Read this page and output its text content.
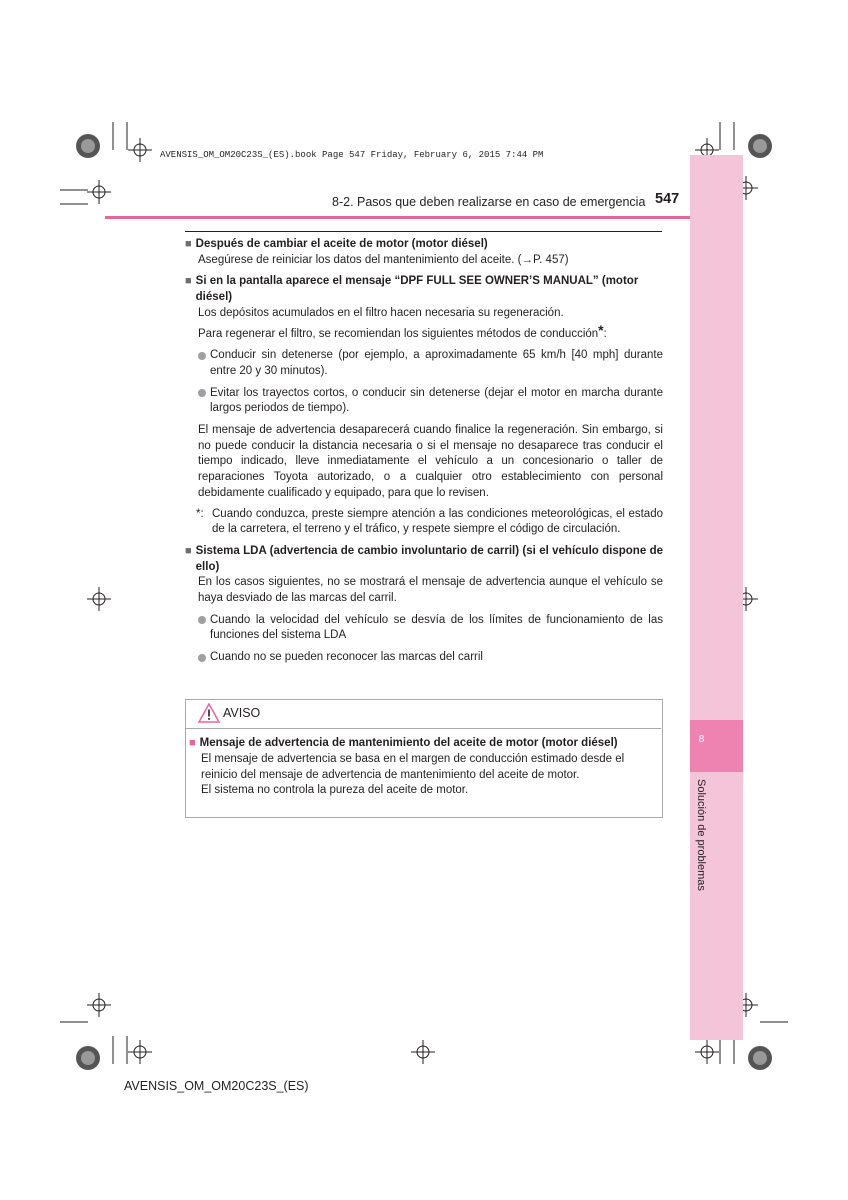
AVENSIS_OM_OM20C23S_(ES).book Page 547 Friday, February 6, 2015 7:44 PM
8
Solución de problemas
8-2. Pasos que deben realizarse en caso de emergencia 547

■ Después de cambiar el aceite de motor (motor diésel)

Asegúrese de reiniciar los datos del mantenimiento del aceite. (→P. 457)

■ Si en la pantalla aparece el mensaje “DPF FULL SEE OWNER’S MANUAL” (motor diésel)

Los depósitos acumulados en el filtro hacen necesaria su regeneración.

Para regenerar el filtro, se recomiendan los siguientes métodos de conducción*:

Conducir sin detenerse (por ejemplo, a aproximadamente 65 km/h [40 mph] durante entre 20 y 30 minutos).
Evitar los trayectos cortos, o conducir sin detenerse (dejar el motor en marcha durante largos periodos de tiempo).

El mensaje de advertencia desaparecerá cuando finalice la regeneración. Sin embargo, si no puede conducir la distancia necesaria o si el mensaje no desaparece tras conducir el tiempo indicado, lleve inmediatamente el vehículo a un concesionario o taller de reparaciones Toyota autorizado, o a cualquier otro establecimiento con personal debidamente cualificado y equipado, para que lo revisen.

*: Cuando conduzca, preste siempre atención a las condiciones meteorológicas, el estado de la carretera, el terreno y el tráfico, y respete siempre el código de circulación.

■ Sistema LDA (advertencia de cambio involuntario de carril) (si el vehículo dispone de ello)

En los casos siguientes, no se mostrará el mensaje de advertencia aunque el vehículo se haya desviado de las marcas del carril.

Cuando la velocidad del vehículo se desvía de los límites de funcionamiento de las funciones del sistema LDA
Cuando no se pueden reconocer las marcas del carril
AVISO

■ Mensaje de advertencia de mantenimiento del aceite de motor (motor diésel)

El mensaje de advertencia se basa en el margen de conducción estimado desde el reinicio del mensaje de advertencia de mantenimiento del aceite de motor.

El sistema no controla la pureza del aceite de motor.

AVENSIS_OM_OM20C23S_(ES)
